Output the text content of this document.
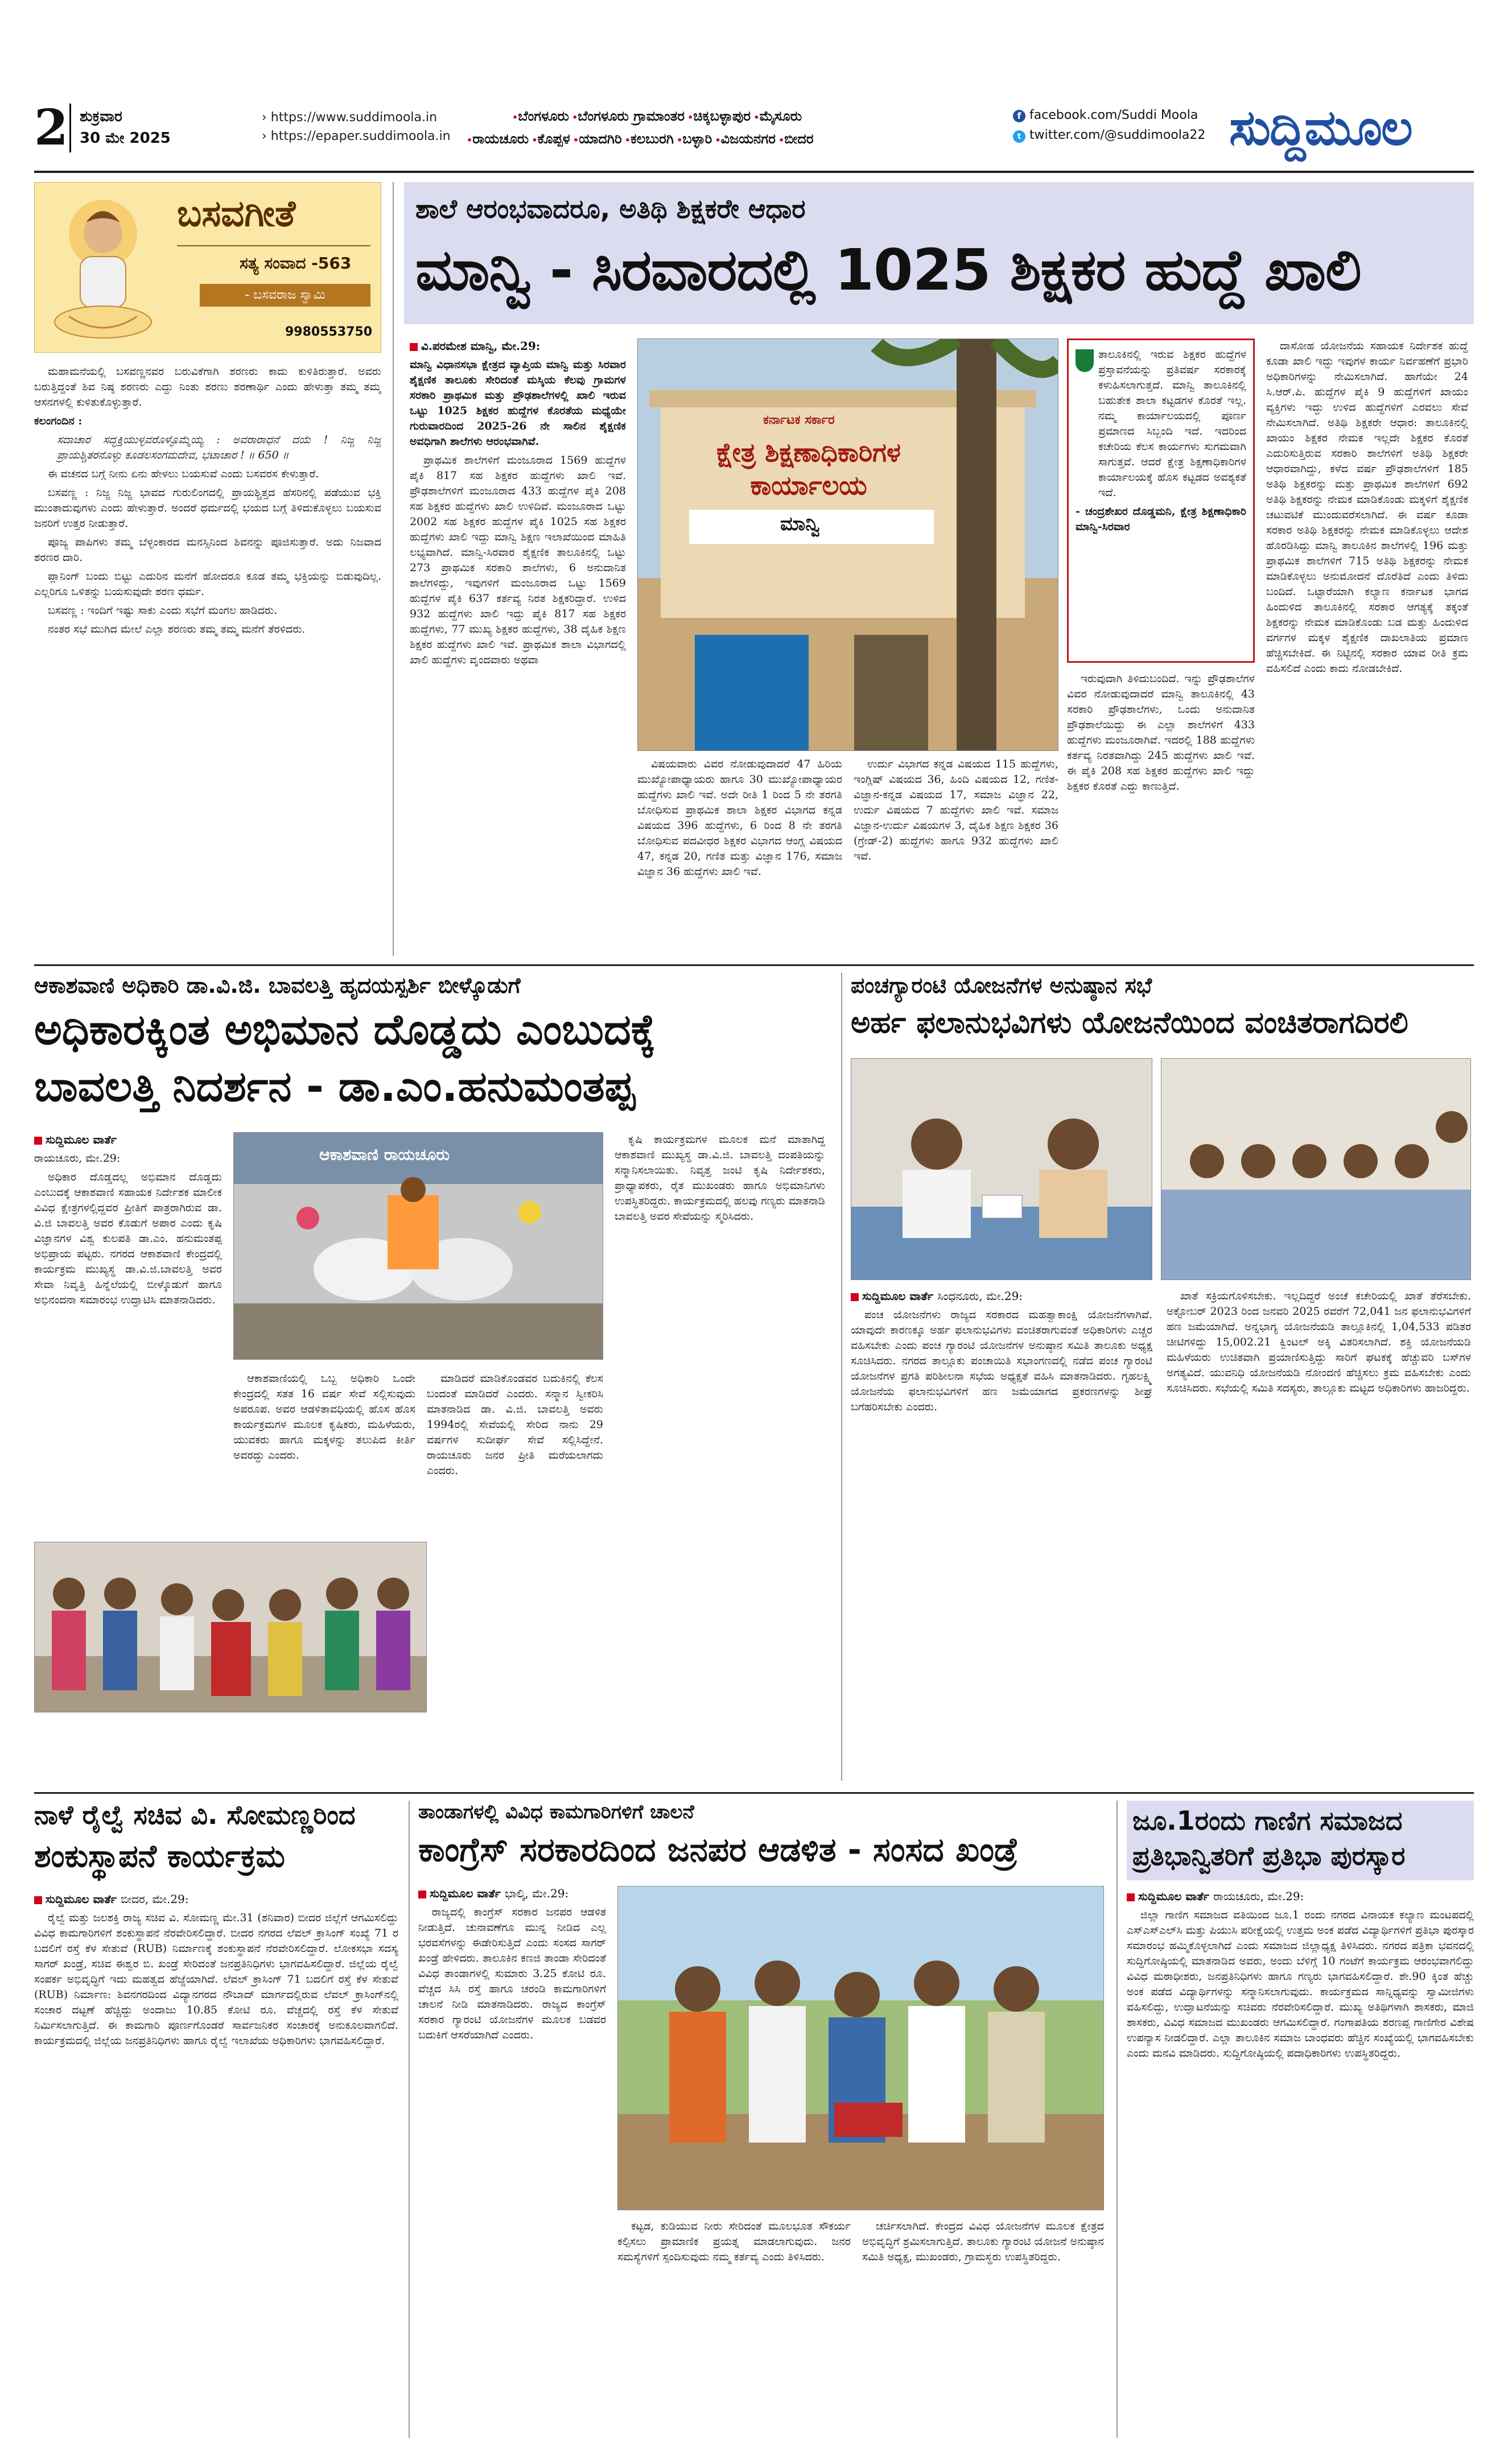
2 ಶುಕ್ರವಾರ
30 ಮೇ 2025
› https://www.suddimoola.in
› https://epaper.suddimoola.in
•ಬೆಂಗಳೂರು •ಬೆಂಗಳೂರು ಗ್ರಾಮಾಂತರ •ಚಿಕ್ಕಬಳ್ಳಾಪುರ •ಮೈಸೂರು
•ರಾಯಚೂರು •ಕೊಪ್ಪಳ •ಯಾದಗಿರಿ •ಕಲಬುರಗಿ •ಬಳ್ಳಾರಿ •ವಿಜಯನಗರ •ಬೀದರ
f facebook.com/Suddi Moola
t twitter.com/@suddimoola22 ಸುದ್ದಿಮೂಲ
ಬಸವಗೀತೆ
ಸತ್ಯ ಸಂವಾದ -563
- ಬಸವರಾಜ ಸ್ವಾಮಿ
9980553750

ಮಹಾಮನೆಯಲ್ಲಿ ಬಸವಣ್ಣನವರ ಬರುವಿಕೆಗಾಗಿ ಶರಣರು ಕಾದು ಕುಳಿತಿರುತ್ತಾರೆ. ಅವರು ಬರುತ್ತಿದ್ದಂತೆ ಶಿವ ನಿಷ್ಠ ಶರಣರು ಎದ್ದು ನಿಂತು ಶರಣು ಶರಣಾರ್ಥಿ ಎಂದು ಹೇಳುತ್ತಾ ತಮ್ಮ ತಮ್ಮ ಆಸನಗಳಲ್ಲಿ ಕುಳಿತುಕೊಳ್ಳುತ್ತಾರೆ.

ಕಲಂಗಂದಿನ :

ಸದಾಚಾರ ಸದ್ಭಕ್ತಿಯುಳ್ಳವರೊಳ್ಳೊಮ್ಮೆಯ್ಯ : ಅವರಾರಾಧನೆ ದಯೆ ! ನಿಜ್ಜ ನಿಜ್ಜ ಪ್ರಾಯಶ್ಚಿತರನೊಳ್ಳು ಕೂಡಲಸಂಗಮದೇವ, ಭಟಾಚಾರ ! ॥ 650 ॥

ಈ ವಚನದ ಬಗ್ಗೆ ನೀನು ಏನು ಹೇಳಲು ಬಯಸುವೆ ಎಂದು ಬಸವರಸ ಕೇಳುತ್ತಾರೆ.

ಬಸವಣ್ಣ : ನಿಜ್ಜ ನಿಜ್ಜ ಭಾವದ ಗುರುಲಿಂಗದಲ್ಲಿ ಪ್ರಾಯಶ್ಚಿತ್ತದ ಹೆಸರಿನಲ್ಲಿ ಪಡೆಯುವ ಭಕ್ತಿ ಮುಂತಾದುವುಗಳು ಎಂದು ಹೇಳುತ್ತಾರೆ. ಅಂದರೆ ಧರ್ಮದಲ್ಲಿ ಭಯದ ಬಗ್ಗೆ ತಿಳಿದುಕೊಳ್ಳಲು ಬಯಸುವ ಜನರಿಗೆ ಉತ್ತರ ನೀಡುತ್ತಾರೆ.

ಪೂಜ್ಯ ಪಾಪಿಗಳು ತಮ್ಮ ಬೆಳ್ಳಂಕಾರದ ಮನಸ್ಸಿನಿಂದ ಶಿವನನ್ನು ಪೂಜಿಸುತ್ತಾರೆ. ಅದು ನಿಜವಾದ ಶರಣರ ದಾರಿ.

ಪ್ಲಾನಿಂಗ್ ಬಂದು ಬಿಟ್ಟು ಎದುರಿನ ಮನೆಗೆ ಹೋದರೂ ಕೂಡ ತಮ್ಮ ಭಕ್ತಿಯನ್ನು ಬಿಡುವುದಿಲ್ಲ. ಎಲ್ಲರಿಗೂ ಒಳಿತನ್ನು ಬಯಸುವುದೇ ಶರಣ ಧರ್ಮ.

ಬಸವಣ್ಣ : ಇಂದಿಗೆ ಇಷ್ಟು ಸಾಕು ಎಂದು ಸಭೆಗೆ ಮಂಗಲ ಹಾಡಿದರು.

ನಂತರ ಸಭೆ ಮುಗಿದ ಮೇಲೆ ಎಲ್ಲಾ ಶರಣರು ತಮ್ಮ ತಮ್ಮ ಮನೆಗೆ ತೆರಳಿದರು.

ಶಾಲೆ ಆರಂಭವಾದರೂ, ಅತಿಥಿ ಶಿಕ್ಷಕರೇ ಆಧಾರ
ಮಾನ್ವಿ - ಸಿರವಾರದಲ್ಲಿ 1025 ಶಿಕ್ಷಕರ ಹುದ್ದೆ ಖಾಲಿ

ವಿ.ಪರಮೇಶ ಮಾನ್ವಿ, ಮೇ.29:

ಮಾನ್ವಿ ವಿಧಾನಸಭಾ ಕ್ಷೇತ್ರದ ವ್ಯಾಪ್ತಿಯ ಮಾನ್ವಿ ಮತ್ತು ಸಿರವಾರ ಶೈಕ್ಷಣಿಕ ತಾಲೂಕು ಸೇರಿದಂತೆ ಮಸ್ಕಿಯ ಕೆಲವು ಗ್ರಾಮಗಳ ಸರಕಾರಿ ಪ್ರಾಥಮಿಕ ಮತ್ತು ಪ್ರೌಢಶಾಲೆಗಳಲ್ಲಿ ಖಾಲಿ ಇರುವ ಒಟ್ಟು 1025 ಶಿಕ್ಷಕರ ಹುದ್ದೆಗಳ ಕೊರತೆಯ ಮಧ್ಯೆಯೇ ಗುರುವಾರದಿಂದ 2025-26 ನೇ ಸಾಲಿನ ಶೈಕ್ಷಣಿಕ ಅವಧಿಗಾಗಿ ಶಾಲೆಗಳು ಆರಂಭವಾಗಿವೆ.

ಪ್ರಾಥಮಿಕ ಶಾಲೆಗಳಿಗೆ ಮಂಜೂರಾದ 1569 ಹುದ್ದೆಗಳ ಪೈಕಿ 817 ಸಹ ಶಿಕ್ಷಕರ ಹುದ್ದೆಗಳು ಖಾಲಿ ಇವೆ. ಪ್ರೌಢಶಾಲೆಗಳಿಗೆ ಮಂಜೂರಾದ 433 ಹುದ್ದೆಗಳ ಪೈಕಿ 208 ಸಹ ಶಿಕ್ಷಕರ ಹುದ್ದೆಗಳು ಖಾಲಿ ಉಳಿದಿವೆ. ಮಂಜೂರಾದ ಒಟ್ಟು 2002 ಸಹ ಶಿಕ್ಷಕರ ಹುದ್ದೆಗಳ ಪೈಕಿ 1025 ಸಹ ಶಿಕ್ಷಕರ ಹುದ್ದೆಗಳು ಖಾಲಿ ಇದ್ದು ಮಾನ್ವಿ ಶಿಕ್ಷಣ ಇಲಾಖೆಯಿಂದ ಮಾಹಿತಿ ಲಭ್ಯವಾಗಿದೆ. ಮಾನ್ವಿ-ಸಿರವಾರ ಶೈಕ್ಷಣಿಕ ತಾಲೂಕಿನಲ್ಲಿ ಒಟ್ಟು 273 ಪ್ರಾಥಮಿಕ ಸರಕಾರಿ ಶಾಲೆಗಳು, 6 ಅನುದಾನಿತ ಶಾಲೆಗಳಿದ್ದು, ಇವುಗಳಿಗೆ ಮಂಜೂರಾದ ಒಟ್ಟು 1569 ಹುದ್ದೆಗಳ ಪೈಕಿ 637 ಕರ್ತವ್ಯ ನಿರತ ಶಿಕ್ಷಕರಿದ್ದಾರೆ. ಉಳಿದ 932 ಹುದ್ದೆಗಳು ಖಾಲಿ ಇದ್ದು ಪೈಕಿ 817 ಸಹ ಶಿಕ್ಷಕರ ಹುದ್ದೆಗಳು, 77 ಮುಖ್ಯ ಶಿಕ್ಷಕರ ಹುದ್ದೆಗಳು, 38 ದೈಹಿಕ ಶಿಕ್ಷಣ ಶಿಕ್ಷಕರ ಹುದ್ದೆಗಳು ಖಾಲಿ ಇವೆ. ಪ್ರಾಥಮಿಕ ಶಾಲಾ ವಿಭಾಗದಲ್ಲಿ ಖಾಲಿ ಹುದ್ದೆಗಳು ವೃಂದವಾರು ಅಥವಾ

ಕರ್ನಾಟಕ ಸರ್ಕಾರ
ಕ್ಷೇತ್ರ ಶಿಕ್ಷಣಾಧಿಕಾರಿಗಳ ಕಾರ್ಯಾಲಯ
ಮಾನ್ವಿ

ವಿಷಯವಾರು ವಿವರ ನೋಡುವುದಾದರೆ 47 ಹಿರಿಯ ಮುಖ್ಯೋಪಾಧ್ಯಾಯರು ಹಾಗೂ 30 ಮುಖ್ಯೋಪಾಧ್ಯಾಯರ ಹುದ್ದೆಗಳು ಖಾಲಿ ಇವೆ. ಅದೇ ರೀತಿ 1 ರಿಂದ 5 ನೇ ತರಗತಿ ಬೋಧಿಸುವ ಪ್ರಾಥಮಿಕ ಶಾಲಾ ಶಿಕ್ಷಕರ ವಿಭಾಗದ ಕನ್ನಡ ವಿಷಯದ 396 ಹುದ್ದೆಗಳು, 6 ರಿಂದ 8 ನೇ ತರಗತಿ ಬೋಧಿಸುವ ಪದವೀಧರ ಶಿಕ್ಷಕರ ವಿಭಾಗದ ಆಂಗ್ಲ ವಿಷಯದ 47, ಕನ್ನಡ 20, ಗಣಿತ ಮತ್ತು ವಿಜ್ಞಾನ 176, ಸಮಾಜ ವಿಜ್ಞಾನ 36 ಹುದ್ದೆಗಳು ಖಾಲಿ ಇವೆ.

ಉರ್ದು ವಿಭಾಗದ ಕನ್ನಡ ವಿಷಯದ 115 ಹುದ್ದೆಗಳು, ಇಂಗ್ಲಿಷ್ ವಿಷಯದ 36, ಹಿಂದಿ ವಿಷಯದ 12, ಗಣಿತ-ವಿಜ್ಞಾನ-ಕನ್ನಡ ವಿಷಯದ 17, ಸಮಾಜ ವಿಜ್ಞಾನ 22, ಉರ್ದು ವಿಷಯದ 7 ಹುದ್ದೆಗಳು ಖಾಲಿ ಇವೆ. ಸಮಾಜ ವಿಜ್ಞಾನ-ಉರ್ದು ವಿಷಯಗಳ 3, ದೈಹಿಕ ಶಿಕ್ಷಣ ಶಿಕ್ಷಕರ 36 (ಗ್ರೇಡ್-2) ಹುದ್ದೆಗಳು ಹಾಗೂ 932 ಹುದ್ದೆಗಳು ಖಾಲಿ ಇವೆ.

ತಾಲೂಕಿನಲ್ಲಿ ಇರುವ ಶಿಕ್ಷಕರ ಹುದ್ದೆಗಳ ಪ್ರಸ್ತಾವನೆಯನ್ನು ಪ್ರತಿವರ್ಷ ಸರಕಾರಕ್ಕೆ ಕಳುಹಿಸಲಾಗುತ್ತದೆ. ಮಾನ್ವಿ ತಾಲೂಕಿನಲ್ಲಿ ಬಹುತೇಕ ಶಾಲಾ ಕಟ್ಟಡಗಳ ಕೊರತೆ ಇಲ್ಲ. ನಮ್ಮ ಕಾರ್ಯಾಲಯದಲ್ಲಿ ಪೂರ್ಣ ಪ್ರಮಾಣದ ಸಿಬ್ಬಂದಿ ಇದೆ. ಇದರಿಂದ ಕಚೇರಿಯ ಕೆಲಸ ಕಾರ್ಯಗಳು ಸುಗಮವಾಗಿ ಸಾಗುತ್ತವೆ. ಆದರೆ ಕ್ಷೇತ್ರ ಶಿಕ್ಷಣಾಧಿಕಾರಿಗಳ ಕಾರ್ಯಾಲಯಕ್ಕೆ ಹೊಸ ಕಟ್ಟಡದ ಅವಶ್ಯಕತೆ ಇದೆ.
- ಚಂದ್ರಶೇಖರ ದೊಡ್ಡಮನಿ, ಕ್ಷೇತ್ರ ಶಿಕ್ಷಣಾಧಿಕಾರಿ ಮಾನ್ವಿ-ಸಿರವಾರ

ಇರುವುದಾಗಿ ತಿಳಿದುಬಂದಿದೆ. ಇನ್ನು ಪ್ರೌಢಶಾಲೆಗಳ ವಿವರ ನೋಡುವುದಾದರೆ ಮಾನ್ವಿ ತಾಲೂಕಿನಲ್ಲಿ 43 ಸರಕಾರಿ ಪ್ರೌಢಶಾಲೆಗಳು, ಒಂದು ಅನುದಾನಿತ ಪ್ರೌಢಶಾಲೆಯಿದ್ದು ಈ ಎಲ್ಲಾ ಶಾಲೆಗಳಿಗೆ 433 ಹುದ್ದೆಗಳು ಮಂಜೂರಾಗಿವೆ. ಇದರಲ್ಲಿ 188 ಹುದ್ದೆಗಳು ಕರ್ತವ್ಯ ನಿರತವಾಗಿದ್ದು 245 ಹುದ್ದೆಗಳು ಖಾಲಿ ಇವೆ. ಈ ಪೈಕಿ 208 ಸಹ ಶಿಕ್ಷಕರ ಹುದ್ದೆಗಳು ಖಾಲಿ ಇದ್ದು ಶಿಕ್ಷಕರ ಕೊರತೆ ಎದ್ದು ಕಾಣುತ್ತಿದೆ.

ದಾಸೋಹ ಯೋಜನೆಯ ಸಹಾಯಕ ನಿರ್ದೇಶಕ ಹುದ್ದೆ ಕೂಡಾ ಖಾಲಿ ಇದ್ದು ಇವುಗಳ ಕಾರ್ಯ ನಿರ್ವಹಣೆಗೆ ಪ್ರಭಾರಿ ಅಧಿಕಾರಿಗಳನ್ನು ನೇಮಿಸಲಾಗಿದೆ. ಹಾಗೆಯೇ 24 ಸಿ.ಆರ್.ಪಿ. ಹುದ್ದೆಗಳ ಪೈಕಿ 9 ಹುದ್ದೆಗಳಿಗೆ ಖಾಯಂ ವ್ಯಕ್ತಿಗಳು ಇದ್ದು ಉಳಿದ ಹುದ್ದೆಗಳಿಗೆ ಎರವಲು ಸೇವೆ ನೇಮಿಸಲಾಗಿದೆ. ಅತಿಥಿ ಶಿಕ್ಷಕರೇ ಆಧಾರ: ತಾಲೂಕಿನಲ್ಲಿ ಖಾಯಂ ಶಿಕ್ಷಕರ ನೇಮಕ ಇಲ್ಲದೇ ಶಿಕ್ಷಕರ ಕೊರತೆ ಎದುರಿಸುತ್ತಿರುವ ಸರಕಾರಿ ಶಾಲೆಗಳಿಗೆ ಅತಿಥಿ ಶಿಕ್ಷಕರೇ ಆಧಾರವಾಗಿದ್ದು, ಕಳೆದ ವರ್ಷ ಪ್ರೌಢಶಾಲೆಗಳಿಗೆ 185 ಅತಿಥಿ ಶಿಕ್ಷಕರನ್ನು ಮತ್ತು ಪ್ರಾಥಮಿಕ ಶಾಲೆಗಳಿಗೆ 692 ಅತಿಥಿ ಶಿಕ್ಷಕರನ್ನು ನೇಮಕ ಮಾಡಿಕೊಂಡು ಮಕ್ಕಳಿಗೆ ಶೈಕ್ಷಣಿಕ ಚಟುವಟಿಕೆ ಮುಂದುವರೆಸಲಾಗಿದೆ. ಈ ವರ್ಷ ಕೂಡಾ ಸರಕಾರ ಅತಿಥಿ ಶಿಕ್ಷಕರನ್ನು ನೇಮಕ ಮಾಡಿಕೊಳ್ಳಲು ಆದೇಶ ಹೊರಡಿಸಿದ್ದು ಮಾನ್ವಿ ತಾಲೂಕಿನ ಶಾಲೆಗಳಲ್ಲಿ 196 ಮತ್ತು ಪ್ರಾಥಮಿಕ ಶಾಲೆಗಳಿಗೆ 715 ಅತಿಥಿ ಶಿಕ್ಷಕರನ್ನು ನೇಮಕ ಮಾಡಿಕೊಳ್ಳಲು ಅನುಮೋದನೆ ದೊರೆತಿದೆ ಎಂದು ತಿಳಿದು ಬಂದಿದೆ. ಒಟ್ಟಾರೆಯಾಗಿ ಕಲ್ಯಾಣ ಕರ್ನಾಟಕ ಭಾಗದ ಹಿಂದುಳಿದ ತಾಲೂಕಿನಲ್ಲಿ ಸರಕಾರ ಆಗತ್ಯಕ್ಕೆ ತಕ್ಕಂತೆ ಶಿಕ್ಷಕರನ್ನು ನೇಮಕ ಮಾಡಿಕೊಂಡು ಬಡ ಮತ್ತು ಹಿಂದುಳಿದ ವರ್ಗಗಳ ಮಕ್ಕಳ ಶೈಕ್ಷಣಿಕ ದಾಖಲಾತಿಯ ಪ್ರಮಾಣ ಹೆಚ್ಚಿಸಬೇಕಿದೆ. ಈ ನಿಟ್ಟಿನಲ್ಲಿ ಸರಕಾರ ಯಾವ ರೀತಿ ಕ್ರಮ ವಹಿಸಲಿದೆ ಎಂದು ಕಾದು ನೋಡಬೇಕಿದೆ.

ಆಕಾಶವಾಣಿ ಅಧಿಕಾರಿ ಡಾ.ವಿ.ಜಿ. ಬಾವಲತ್ತಿ ಹೃದಯಸ್ಪರ್ಶಿ ಬೀಳ್ಕೊಡುಗೆ
ಅಧಿಕಾರಕ್ಕಿಂತ ಅಭಿಮಾನ ದೊಡ್ಡದು ಎಂಬುದಕ್ಕೆ
ಬಾವಲತ್ತಿ ನಿದರ್ಶನ - ಡಾ.ಎಂ.ಹನುಮಂತಪ್ಪ

ಸುದ್ದಿಮೂಲ ವಾರ್ತೆ

ರಾಯಚೂರು, ಮೇ.29:

ಅಧಿಕಾರ ದೊಡ್ಡದಲ್ಲ ಅಭಿಮಾನ ದೊಡ್ಡದು ಎಂಬುದಕ್ಕೆ ಆಕಾಶವಾಣಿ ಸಹಾಯಕ ನಿರ್ದೇಶಕ ಮಾಲೀಕ ವಿವಿಧ ಕ್ಷೇತ್ರಗಳಲ್ಲಿದ್ದವರ ಪ್ರೀತಿಗೆ ಪಾತ್ರರಾಗಿರುವ ಡಾ. ವಿ.ಜಿ ಬಾವಲತ್ತಿ ಅವರ ಕೊಡುಗೆ ಅಪಾರ ಎಂದು ಕೃಷಿ ವಿಜ್ಞಾನಗಳ ವಿಶ್ವ ಕುಲಪತಿ ಡಾ.ಎಂ. ಹನುಮಂತಪ್ಪ ಅಭಿಪ್ರಾಯ ಪಟ್ಟರು. ನಗರದ ಆಕಾಶವಾಣಿ ಕೇಂದ್ರದಲ್ಲಿ ಕಾರ್ಯಕ್ರಮ ಮುಖ್ಯಸ್ಥ ಡಾ.ವಿ.ಜಿ.ಬಾವಲತ್ತಿ ಅವರ ಸೇವಾ ನಿವೃತ್ತಿ ಹಿನ್ನೆಲೆಯಲ್ಲಿ ಬೀಳ್ಕೊಡುಗೆ ಹಾಗೂ ಅಭಿನಂದನಾ ಸಮಾರಂಭ ಉದ್ಘಾಟಿಸಿ ಮಾತನಾಡಿದರು.

ಆಕಾಶವಾಣಿ ರಾಯಚೂರು

ಆಕಾಶವಾಣಿಯಲ್ಲಿ ಒಬ್ಬ ಅಧಿಕಾರಿ ಒಂದೇ ಕೇಂದ್ರದಲ್ಲಿ ಸತತ 16 ವರ್ಷ ಸೇವೆ ಸಲ್ಲಿಸುವುದು ಅಪರೂಪ. ಅವರ ಆಡಳಿತಾವಧಿಯಲ್ಲಿ ಹೊಸ ಹೊಸ ಕಾರ್ಯಕ್ರಮಗಳ ಮೂಲಕ ಕೃಷಿಕರು, ಮಹಿಳೆಯರು, ಯುವಕರು ಹಾಗೂ ಮಕ್ಕಳನ್ನು ತಲುಪಿದ ಕೀರ್ತಿ ಅವರದ್ದು ಎಂದರು.

ಮಾಡಿದರೆ ಮಾಡಿಕೊಂಡವರ ಬದುಕಿನಲ್ಲಿ ಕೆಲಸ ಬಂದಂತೆ ಮಾಡಿದರೆ ಎಂದರು. ಸನ್ಮಾನ ಸ್ವೀಕರಿಸಿ ಮಾತನಾಡಿದ ಡಾ. ವಿ.ಜಿ. ಬಾವಲತ್ತಿ ಅವರು 1994ರಲ್ಲಿ ಸೇವೆಯಲ್ಲಿ ಸೇರಿದ ನಾನು 29 ವರ್ಷಗಳ ಸುದೀರ್ಘ ಸೇವೆ ಸಲ್ಲಿಸಿದ್ದೇನೆ. ರಾಯಚೂರು ಜನರ ಪ್ರೀತಿ ಮರೆಯಲಾಗದು ಎಂದರು.

ಕೃಷಿ ಕಾರ್ಯಕ್ರಮಗಳ ಮೂಲಕ ಮನೆ ಮಾತಾಗಿದ್ದ ಆಕಾಶವಾಣಿ ಮುಖ್ಯಸ್ಥ ಡಾ.ವಿ.ಜಿ. ಬಾವಲತ್ತಿ ದಂಪತಿಯನ್ನು ಸನ್ಮಾನಿಸಲಾಯಿತು. ನಿವೃತ್ತ ಜಂಟಿ ಕೃಷಿ ನಿರ್ದೇಶಕರು, ಪ್ರಾಧ್ಯಾಪಕರು, ರೈತ ಮುಖಂಡರು ಹಾಗೂ ಅಭಿಮಾನಿಗಳು ಉಪಸ್ಥಿತರಿದ್ದರು. ಕಾರ್ಯಕ್ರಮದಲ್ಲಿ ಹಲವು ಗಣ್ಯರು ಮಾತನಾಡಿ ಬಾವಲತ್ತಿ ಅವರ ಸೇವೆಯನ್ನು ಸ್ಮರಿಸಿದರು.

ಪಂಚಗ್ಯಾರಂಟಿ ಯೋಜನೆಗಳ ಅನುಷ್ಠಾನ ಸಭೆ
ಅರ್ಹ ಫಲಾನುಭವಿಗಳು ಯೋಜನೆಯಿಂದ ವಂಚಿತರಾಗದಿರಲಿ

ಸುದ್ದಿಮೂಲ ವಾರ್ತೆ ಸಿಂಧನೂರು, ಮೇ.29:

ಪಂಚ ಯೋಜನೆಗಳು ರಾಜ್ಯದ ಸರಕಾರದ ಮಹತ್ವಾಕಾಂಕ್ಷಿ ಯೋಜನೆಗಳಾಗಿವೆ. ಯಾವುದೇ ಕಾರಣಕ್ಕೂ ಅರ್ಹ ಫಲಾನುಭವಿಗಳು ವಂಚಿತರಾಗುವಂತೆ ಅಧಿಕಾರಿಗಳು ಎಚ್ಚರ ವಹಿಸಬೇಕು ಎಂದು ಪಂಚ ಗ್ಯಾರಂಟಿ ಯೋಜನೆಗಳ ಅನುಷ್ಠಾನ ಸಮಿತಿ ತಾಲೂಕು ಅಧ್ಯಕ್ಷ ಸೂಚಿಸಿದರು. ನಗರದ ತಾಲ್ಲೂಕು ಪಂಚಾಯಿತಿ ಸಭಾಂಗಣದಲ್ಲಿ ನಡೆದ ಪಂಚ ಗ್ಯಾರಂಟಿ ಯೋಜನೆಗಳ ಪ್ರಗತಿ ಪರಿಶೀಲನಾ ಸಭೆಯ ಅಧ್ಯಕ್ಷತೆ ವಹಿಸಿ ಮಾತನಾಡಿದರು. ಗೃಹಲಕ್ಷ್ಮಿ ಯೋಜನೆಯ ಫಲಾನುಭವಿಗಳಿಗೆ ಹಣ ಜಮೆಯಾಗದ ಪ್ರಕರಣಗಳನ್ನು ಶೀಘ್ರ ಬಗೆಹರಿಸಬೇಕು ಎಂದರು.

ಖಾತೆ ಸಕ್ರಿಯಗೊಳಿಸಬೇಕು. ಇಲ್ಲದಿದ್ದರೆ ಅಂಚೆ ಕಚೇರಿಯಲ್ಲಿ ಖಾತೆ ತೆರೆಸಬೇಕು. ಅಕ್ಟೋಬರ್ 2023 ರಿಂದ ಜನವರಿ 2025 ರವರೆಗೆ 72,041 ಜನ ಫಲಾನುಭವಿಗಳಿಗೆ ಹಣ ಜಮೆಯಾಗಿದೆ. ಅನ್ನಭಾಗ್ಯ ಯೋಜನೆಯಡಿ ತಾಲ್ಲೂಕಿನಲ್ಲಿ 1,04,533 ಪಡಿತರ ಚೀಟಿಗಳಿದ್ದು 15,002.21 ಕ್ವಿಂಟಲ್ ಅಕ್ಕಿ ವಿತರಿಸಲಾಗಿದೆ. ಶಕ್ತಿ ಯೋಜನೆಯಡಿ ಮಹಿಳೆಯರು ಉಚಿತವಾಗಿ ಪ್ರಯಾಣಿಸುತ್ತಿದ್ದು ಸಾರಿಗೆ ಘಟಕಕ್ಕೆ ಹೆಚ್ಚುವರಿ ಬಸ್‌ಗಳ ಅಗತ್ಯವಿದೆ. ಯುವನಿಧಿ ಯೋಜನೆಯಡಿ ನೋಂದಣಿ ಹೆಚ್ಚಿಸಲು ಕ್ರಮ ವಹಿಸಬೇಕು ಎಂದು ಸೂಚಿಸಿದರು. ಸಭೆಯಲ್ಲಿ ಸಮಿತಿ ಸದಸ್ಯರು, ತಾಲ್ಲೂಕು ಮಟ್ಟದ ಅಧಿಕಾರಿಗಳು ಹಾಜರಿದ್ದರು.

ನಾಳೆ ರೈಲ್ವೆ ಸಚಿವ ವಿ. ಸೋಮಣ್ಣರಿಂದ
ಶಂಕುಸ್ಥಾಪನೆ ಕಾರ್ಯಕ್ರಮ

ಸುದ್ದಿಮೂಲ ವಾರ್ತೆ ಬೀದರ, ಮೇ.29:

ರೈಲ್ವೆ ಮತ್ತು ಜಲಶಕ್ತಿ ರಾಜ್ಯ ಸಚಿವ ವಿ. ಸೋಮಣ್ಣ ಮೇ.31 (ಶನಿವಾರ) ಬೀದರ ಜಿಲ್ಲೆಗೆ ಆಗಮಿಸಲಿದ್ದು ವಿವಿಧ ಕಾಮಗಾರಿಗಳಿಗೆ ಶಂಕುಸ್ಥಾಪನೆ ನೆರವೇರಿಸಲಿದ್ದಾರೆ. ಬೀದರ ನಗರದ ಲೆವಲ್ ಕ್ರಾಸಿಂಗ್ ಸಂಖ್ಯೆ 71 ರ ಬದಲಿಗೆ ರಸ್ತೆ ಕೆಳ ಸೇತುವೆ (RUB) ನಿರ್ಮಾಣಕ್ಕೆ ಶಂಕುಸ್ಥಾಪನೆ ನೆರವೇರಿಸಲಿದ್ದಾರೆ. ಲೋಕಸಭಾ ಸದಸ್ಯ ಸಾಗರ್ ಖಂಡ್ರೆ, ಸಚಿವ ಈಶ್ವರ ಬಿ. ಖಂಡ್ರೆ ಸೇರಿದಂತೆ ಜನಪ್ರತಿನಿಧಿಗಳು ಭಾಗವಹಿಸಲಿದ್ದಾರೆ. ಜಿಲ್ಲೆಯ ರೈಲ್ವೆ ಸಂಪರ್ಕ ಅಭಿವೃದ್ಧಿಗೆ ಇದು ಮಹತ್ವದ ಹೆಜ್ಜೆಯಾಗಿದೆ. ಲೆವಲ್ ಕ್ರಾಸಿಂಗ್ 71 ಬದಲಿಗೆ ರಸ್ತೆ ಕೆಳ ಸೇತುವೆ (RUB) ನಿರ್ಮಾಣ: ಶಿವನಗರದಿಂದ ವಿದ್ಯಾನಗರದ ನೌಬಾದ್ ಮಾರ್ಗದಲ್ಲಿರುವ ಲೆವಲ್ ಕ್ರಾಸಿಂಗ್‌ನಲ್ಲಿ ಸಂಚಾರ ದಟ್ಟಣೆ ಹೆಚ್ಚಿದ್ದು ಅಂದಾಜು 10.85 ಕೋಟಿ ರೂ. ವೆಚ್ಚದಲ್ಲಿ ರಸ್ತೆ ಕೆಳ ಸೇತುವೆ ನಿರ್ಮಿಸಲಾಗುತ್ತಿದೆ. ಈ ಕಾಮಗಾರಿ ಪೂರ್ಣಗೊಂಡರೆ ಸಾರ್ವಜನಿಕರ ಸಂಚಾರಕ್ಕೆ ಅನುಕೂಲವಾಗಲಿದೆ. ಕಾರ್ಯಕ್ರಮದಲ್ಲಿ ಜಿಲ್ಲೆಯ ಜನಪ್ರತಿನಿಧಿಗಳು ಹಾಗೂ ರೈಲ್ವೆ ಇಲಾಖೆಯ ಅಧಿಕಾರಿಗಳು ಭಾಗವಹಿಸಲಿದ್ದಾರೆ.

ತಾಂಡಾಗಳಲ್ಲಿ ವಿವಿಧ ಕಾಮಗಾರಿಗಳಿಗೆ ಚಾಲನೆ
ಕಾಂಗ್ರೆಸ್ ಸರಕಾರದಿಂದ ಜನಪರ ಆಡಳಿತ - ಸಂಸದ ಖಂಡ್ರೆ

ಸುದ್ದಿಮೂಲ ವಾರ್ತೆ ಭಾಲ್ಕಿ, ಮೇ.29:

ರಾಜ್ಯದಲ್ಲಿ ಕಾಂಗ್ರೆಸ್ ಸರಕಾರ ಜನಪರ ಆಡಳಿತ ನೀಡುತ್ತಿದೆ. ಚುನಾವಣೆಗೂ ಮುನ್ನ ನೀಡಿದ ಎಲ್ಲ ಭರವಸೆಗಳನ್ನು ಈಡೇರಿಸುತ್ತಿದೆ ಎಂದು ಸಂಸದ ಸಾಗರ್ ಖಂಡ್ರೆ ಹೇಳಿದರು. ತಾಲೂಕಿನ ಕಣಜಿ ತಾಂಡಾ ಸೇರಿದಂತೆ ವಿವಿಧ ತಾಂಡಾಗಳಲ್ಲಿ ಸುಮಾರು 3.25 ಕೋಟಿ ರೂ. ವೆಚ್ಚದ ಸಿಸಿ ರಸ್ತೆ ಹಾಗೂ ಚರಂಡಿ ಕಾಮಗಾರಿಗಳಿಗೆ ಚಾಲನೆ ನೀಡಿ ಮಾತನಾಡಿದರು. ರಾಜ್ಯದ ಕಾಂಗ್ರೆಸ್ ಸರಕಾರ ಗ್ಯಾರಂಟಿ ಯೋಜನೆಗಳ ಮೂಲಕ ಬಡವರ ಬದುಕಿಗೆ ಆಸರೆಯಾಗಿದೆ ಎಂದರು.

ಕಟ್ಟಡ, ಕುಡಿಯುವ ನೀರು ಸೇರಿದಂತೆ ಮೂಲಭೂತ ಸೌಕರ್ಯ ಕಲ್ಪಿಸಲು ಪ್ರಾಮಾಣಿಕ ಪ್ರಯತ್ನ ಮಾಡಲಾಗುವುದು. ಜನರ ಸಮಸ್ಯೆಗಳಿಗೆ ಸ್ಪಂದಿಸುವುದು ನಮ್ಮ ಕರ್ತವ್ಯ ಎಂದು ತಿಳಿಸಿದರು.

ಚರ್ಚಿಸಲಾಗಿದೆ. ಕೇಂದ್ರದ ವಿವಿಧ ಯೋಜನೆಗಳ ಮೂಲಕ ಕ್ಷೇತ್ರದ ಅಭಿವೃದ್ಧಿಗೆ ಶ್ರಮಿಸಲಾಗುತ್ತಿದೆ. ತಾಲೂಕು ಗ್ಯಾರಂಟಿ ಯೋಜನೆ ಅನುಷ್ಠಾನ ಸಮಿತಿ ಅಧ್ಯಕ್ಷ, ಮುಖಂಡರು, ಗ್ರಾಮಸ್ಥರು ಉಪಸ್ಥಿತರಿದ್ದರು.

ಜೂ.1ರಂದು ಗಾಣಿಗ ಸಮಾಜದ
ಪ್ರತಿಭಾನ್ವಿತರಿಗೆ ಪ್ರತಿಭಾ ಪುರಸ್ಕಾರ

ಸುದ್ದಿಮೂಲ ವಾರ್ತೆ ರಾಯಚೂರು, ಮೇ.29:

ಜಿಲ್ಲಾ ಗಾಣಿಗ ಸಮಾಜದ ವತಿಯಿಂದ ಜೂ.1 ರಂದು ನಗರದ ವಿನಾಯಕ ಕಲ್ಯಾಣ ಮಂಟಪದಲ್ಲಿ ಎಸ್‌ಎಸ್‌ಎಲ್‌ಸಿ ಮತ್ತು ಪಿಯುಸಿ ಪರೀಕ್ಷೆಯಲ್ಲಿ ಉತ್ತಮ ಅಂಕ ಪಡೆದ ವಿದ್ಯಾರ್ಥಿಗಳಿಗೆ ಪ್ರತಿಭಾ ಪುರಸ್ಕಾರ ಸಮಾರಂಭ ಹಮ್ಮಿಕೊಳ್ಳಲಾಗಿದೆ ಎಂದು ಸಮಾಜದ ಜಿಲ್ಲಾಧ್ಯಕ್ಷ ತಿಳಿಸಿದರು. ನಗರದ ಪತ್ರಿಕಾ ಭವನದಲ್ಲಿ ಸುದ್ದಿಗೋಷ್ಠಿಯಲ್ಲಿ ಮಾತನಾಡಿದ ಅವರು, ಅಂದು ಬೆಳಿಗ್ಗೆ 10 ಗಂಟೆಗೆ ಕಾರ್ಯಕ್ರಮ ಆರಂಭವಾಗಲಿದ್ದು ವಿವಿಧ ಮಠಾಧೀಶರು, ಜನಪ್ರತಿನಿಧಿಗಳು ಹಾಗೂ ಗಣ್ಯರು ಭಾಗವಹಿಸಲಿದ್ದಾರೆ. ಶೇ.90 ಕ್ಕಿಂತ ಹೆಚ್ಚು ಅಂಕ ಪಡೆದ ವಿದ್ಯಾರ್ಥಿಗಳನ್ನು ಸನ್ಮಾನಿಸಲಾಗುವುದು. ಕಾರ್ಯಕ್ರಮದ ಸಾನ್ನಿಧ್ಯವನ್ನು ಸ್ವಾಮೀಜಿಗಳು ವಹಿಸಲಿದ್ದು, ಉದ್ಘಾಟನೆಯನ್ನು ಸಚಿವರು ನೆರವೇರಿಸಲಿದ್ದಾರೆ. ಮುಖ್ಯ ಅತಿಥಿಗಳಾಗಿ ಶಾಸಕರು, ಮಾಜಿ ಶಾಸಕರು, ವಿವಿಧ ಸಮಾಜದ ಮುಖಂಡರು ಆಗಮಿಸಲಿದ್ದಾರೆ. ಗಂಗಾಪತಿಯ ಶರಣಪ್ಪ ಗಾಣಿಗೇರ ವಿಶೇಷ ಉಪನ್ಯಾಸ ನೀಡಲಿದ್ದಾರೆ. ಎಲ್ಲಾ ತಾಲೂಕಿನ ಸಮಾಜ ಬಾಂಧವರು ಹೆಚ್ಚಿನ ಸಂಖ್ಯೆಯಲ್ಲಿ ಭಾಗವಹಿಸಬೇಕು ಎಂದು ಮನವಿ ಮಾಡಿದರು. ಸುದ್ದಿಗೋಷ್ಠಿಯಲ್ಲಿ ಪದಾಧಿಕಾರಿಗಳು ಉಪಸ್ಥಿತರಿದ್ದರು.
